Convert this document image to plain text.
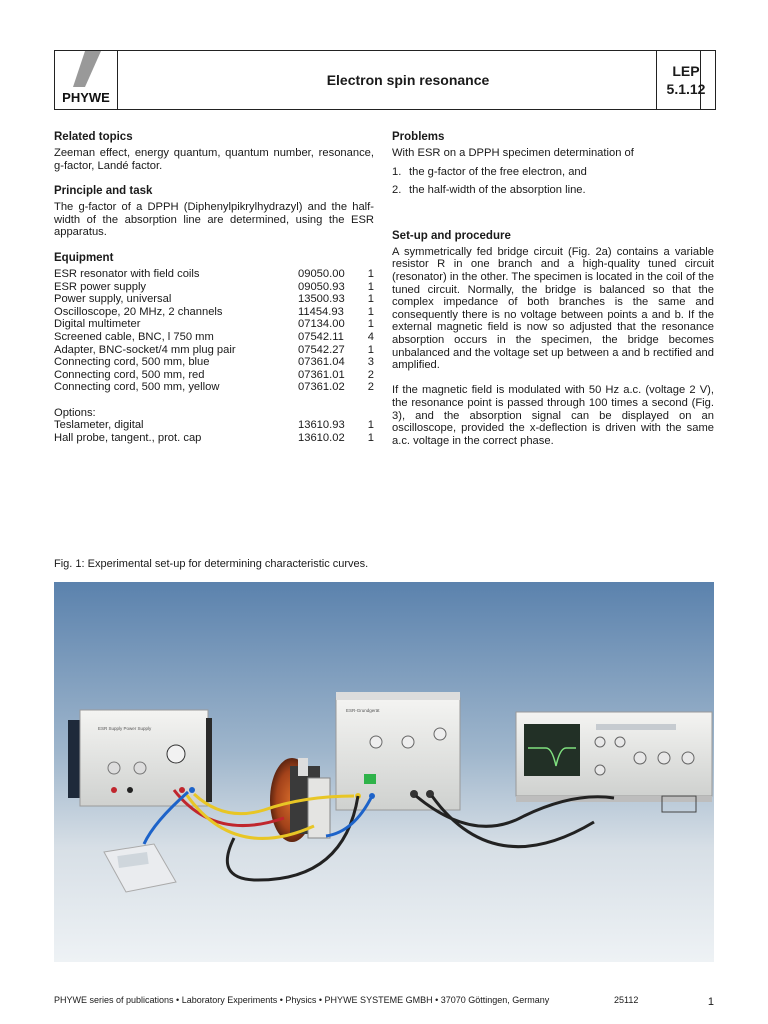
PHYWE
Electron spin resonance
LEP
5.1.12
Related topics

Zeeman effect, energy quantum, quantum number, resonance, g-factor, Landé factor.

Principle and task

The g-factor of a DPPH (Diphenylpikrylhydrazyl) and the half-width of the absorption line are determined, using the ESR apparatus.

Equipment
ESR resonator with field coils	09050.00	1
ESR power supply	09050.93	1
Power supply, universal	13500.93	1
Oscilloscope, 20 MHz, 2 channels	11454.93	1
Digital multimeter	07134.00	1
Screened cable, BNC, l 750 mm	07542.11	4
Adapter, BNC-socket/4 mm plug pair	07542.27	1
Connecting cord, 500 mm, blue	07361.04	3
Connecting cord, 500 mm, red	07361.01	2
Connecting cord, 500 mm, yellow	07361.02	2
Options:
Teslameter, digital	13610.93	1
Hall probe, tangent., prot. cap	13610.02	1
Problems

With ESR on a DPPH specimen determination of

1. the g-factor of the free electron, and
2. the half-width of the absorption line.
Set-up and procedure

A symmetrically fed bridge circuit (Fig. 2a) contains a variable resistor R in one branch and a high-quality tuned circuit (resonator) in the other. The specimen is located in the coil of the tuned circuit. Normally, the bridge is balanced so that the complex impedance of both branches is the same and consequently there is no voltage between points a and b. If the external magnetic field is now so adjusted that the resonance absorption occurs in the specimen, the bridge becomes unbalanced and the voltage set up between a and b rectified and amplified.

If the magnetic field is modulated with 50 Hz a.c. (voltage 2 V), the resonance point is passed through 100 times a second (Fig. 3), and the absorption signal can be displayed on an oscilloscope, provided the x-deflection is driven with the same a.c. voltage in the correct phase.

Fig. 1: Experimental set-up for determining characteristic curves.
ESR Supply Power Supply
ESR-Grundgerät
PHYWE series of publications • Laboratory Experiments • Physics • PHYWE SYSTEME GMBH • 37070 Göttingen, Germany	25112	1
